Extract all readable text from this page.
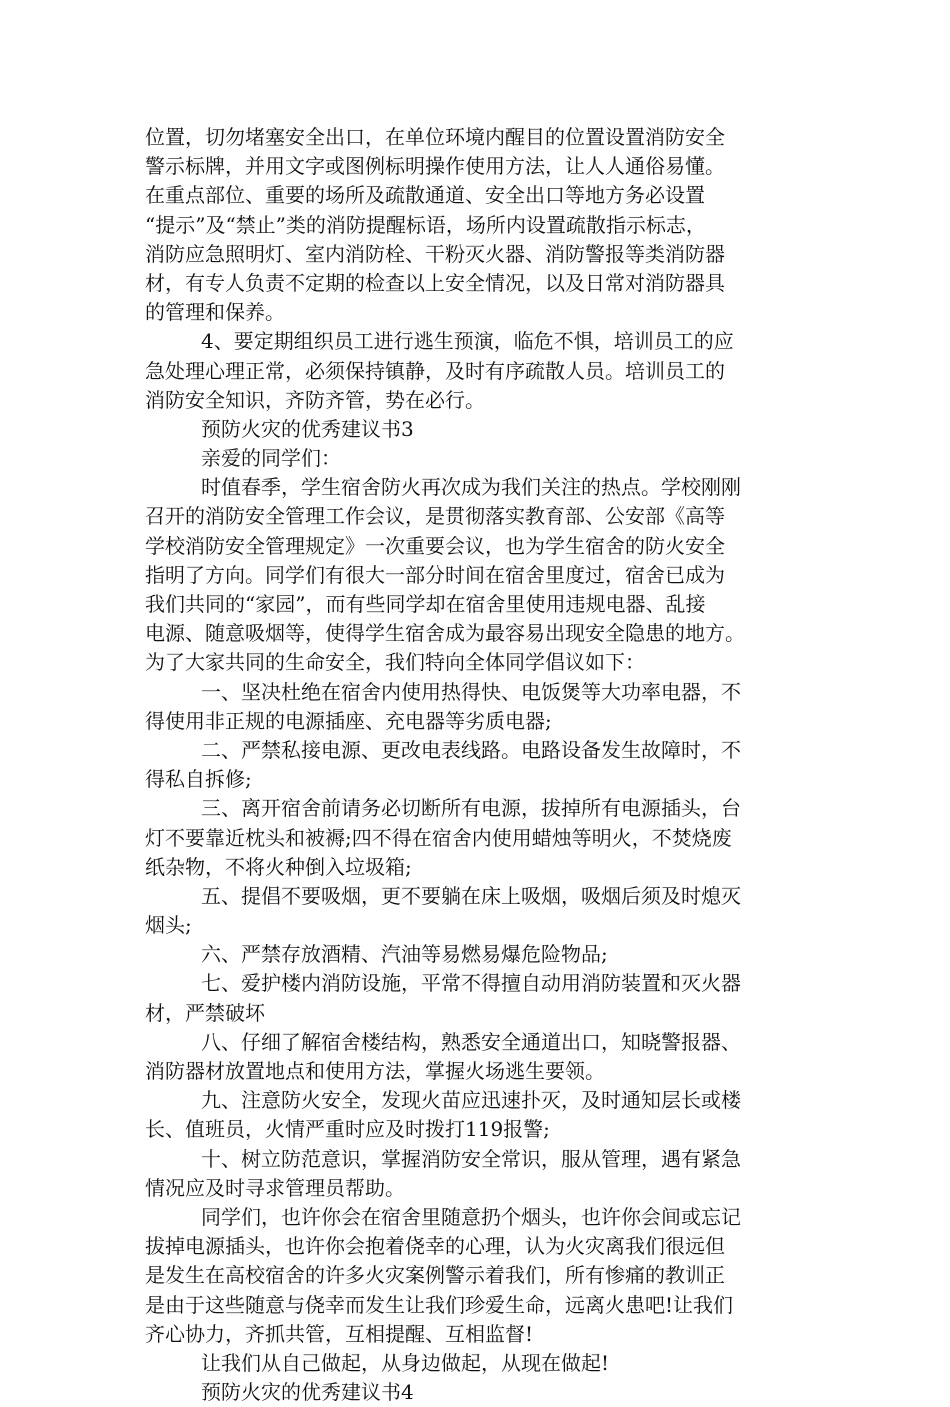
位置，切勿堵塞安全出口，在单位环境内醒目的位置设置消防安全
警示标牌，并用文字或图例标明操作使用方法，让人人通俗易懂。
在重点部位、重要的场所及疏散通道、安全出口等地方务必设置
“提示”及“禁止”类的消防提醒标语，场所内设置疏散指示标志，
消防应急照明灯、室内消防栓、干粉灭火器、消防警报等类消防器
材，有专人负责不定期的检查以上安全情况，以及日常对消防器具
的管理和保养。
4、要定期组织员工进行逃生预演，临危不惧，培训员工的应
急处理心理正常，必须保持镇静，及时有序疏散人员。培训员工的
消防安全知识，齐防齐管，势在必行。
预防火灾的优秀建议书3
亲爱的同学们：
时值春季，学生宿舍防火再次成为我们关注的热点。学校刚刚
召开的消防安全管理工作会议，是贯彻落实教育部、公安部《高等
学校消防安全管理规定》一次重要会议，也为学生宿舍的防火安全
指明了方向。同学们有很大一部分时间在宿舍里度过，宿舍已成为
我们共同的“家园”，而有些同学却在宿舍里使用违规电器、乱接
电源、随意吸烟等，使得学生宿舍成为最容易出现安全隐患的地方。
为了大家共同的生命安全，我们特向全体同学倡议如下：
一、坚决杜绝在宿舍内使用热得快、电饭煲等大功率电器，不
得使用非正规的电源插座、充电器等劣质电器;
二、严禁私接电源、更改电表线路。电路设备发生故障时，不
得私自拆修;
三、离开宿舍前请务必切断所有电源，拔掉所有电源插头，台
灯不要靠近枕头和被褥;四不得在宿舍内使用蜡烛等明火，不焚烧废
纸杂物，不将火种倒入垃圾箱;
五、提倡不要吸烟，更不要躺在床上吸烟，吸烟后须及时熄灭
烟头;
六、严禁存放酒精、汽油等易燃易爆危险物品;
七、爱护楼内消防设施，平常不得擅自动用消防装置和灭火器
材，严禁破坏
八、仔细了解宿舍楼结构，熟悉安全通道出口，知晓警报器、
消防器材放置地点和使用方法，掌握火场逃生要领。
九、注意防火安全，发现火苗应迅速扑灭，及时通知层长或楼
长、值班员，火情严重时应及时拨打119报警;
十、树立防范意识，掌握消防安全常识，服从管理，遇有紧急
情况应及时寻求管理员帮助。
同学们，也许你会在宿舍里随意扔个烟头，也许你会间或忘记
拔掉电源插头，也许你会抱着侥幸的心理，认为火灾离我们很远但
是发生在高校宿舍的许多火灾案例警示着我们，所有惨痛的教训正
是由于这些随意与侥幸而发生让我们珍爱生命，远离火患吧!让我们
齐心协力，齐抓共管，互相提醒、互相监督!
让我们从自己做起，从身边做起，从现在做起!
预防火灾的优秀建议书4
